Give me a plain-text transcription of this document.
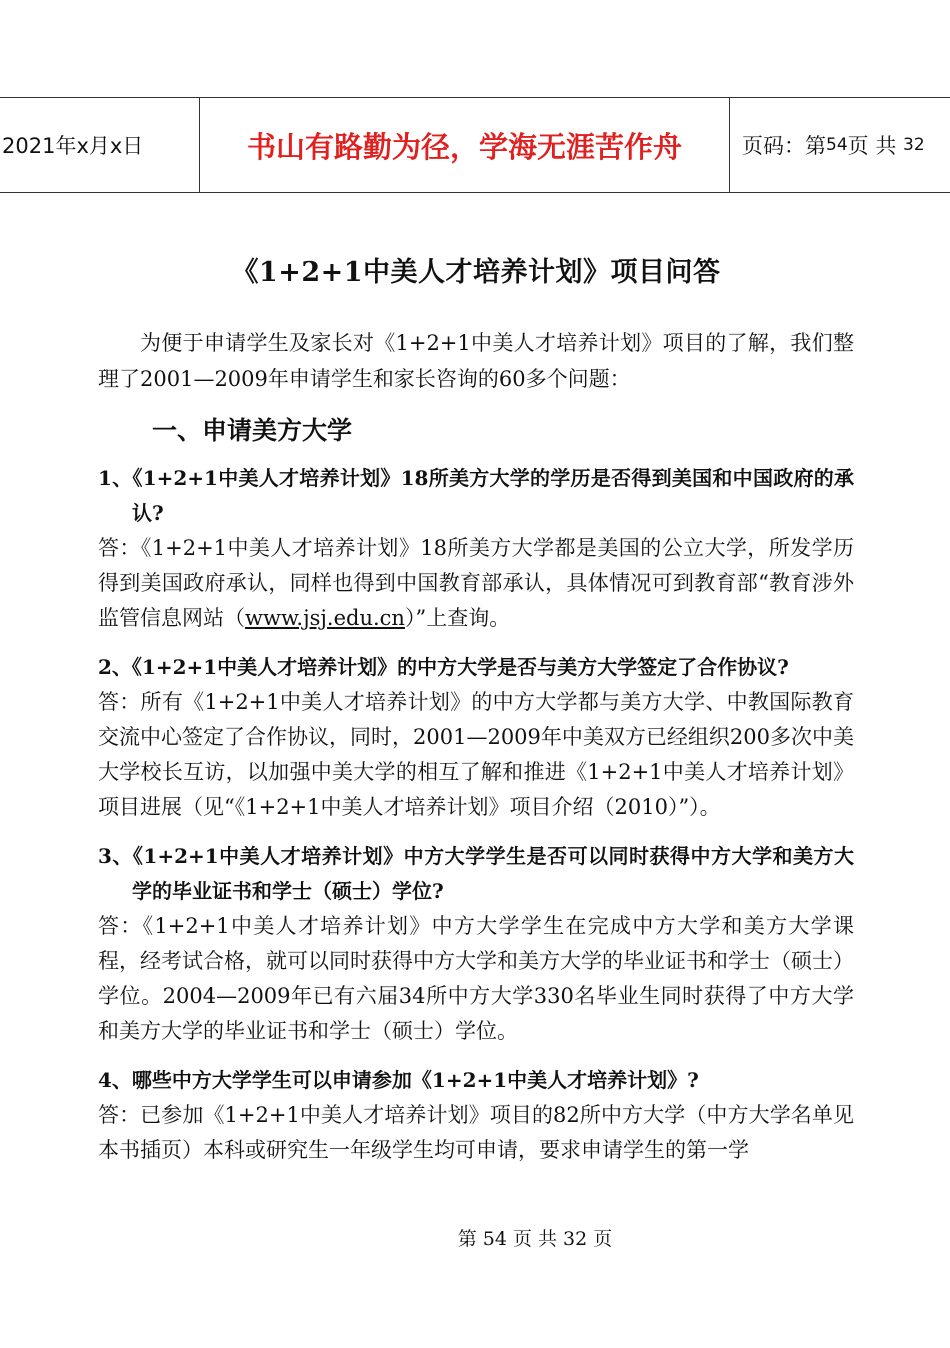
2021年x月x日	书山有路勤为径，学海无涯苦作舟	页码：第 54 页 共
32
《1+2+1中美人才培养计划》项目问答

为便于申请学生及家长对《1+2+1中美人才培养计划》项目的了解，我们整理了2001—2009年申请学生和家长咨询的60多个问题：

一、申请美方大学
1、《1+2+1中美人才培养计划》18所美方大学的学历是否得到美国和中国政府的承认?
答：《1+2+1中美人才培养计划》18所美方大学都是美国的公立大学，所发学历得到美国政府承认，同样也得到中国教育部承认，具体情况可到教育部“教育涉外监管信息网站（www.jsj.edu.cn）”上查询。
2、《1+2+1中美人才培养计划》的中方大学是否与美方大学签定了合作协议?
答：所有《1+2+1中美人才培养计划》的中方大学都与美方大学、中教国际教育交流中心签定了合作协议，同时，2001—2009年中美双方已经组织200多次中美大学校长互访，以加强中美大学的相互了解和推进《1+2+1中美人才培养计划》项目进展（见“《1+2+1中美人才培养计划》项目介绍（2010）”）。
3、《1+2+1中美人才培养计划》中方大学学生是否可以同时获得中方大学和美方大学的毕业证书和学士（硕士）学位?
答：《1+2+1中美人才培养计划》中方大学学生在完成中方大学和美方大学课程，经考试合格，就可以同时获得中方大学和美方大学的毕业证书和学士（硕士）学位。2004—2009年已有六届34所中方大学330名毕业生同时获得了中方大学和美方大学的毕业证书和学士（硕士）学位。
4、哪些中方大学学生可以申请参加《1+2+1中美人才培养计划》?
答：已参加《1+2+1中美人才培养计划》项目的82所中方大学（中方大学名单见本书插页）本科或研究生一年级学生均可申请，要求申请学生的第一学
第 54 页 共 32 页
